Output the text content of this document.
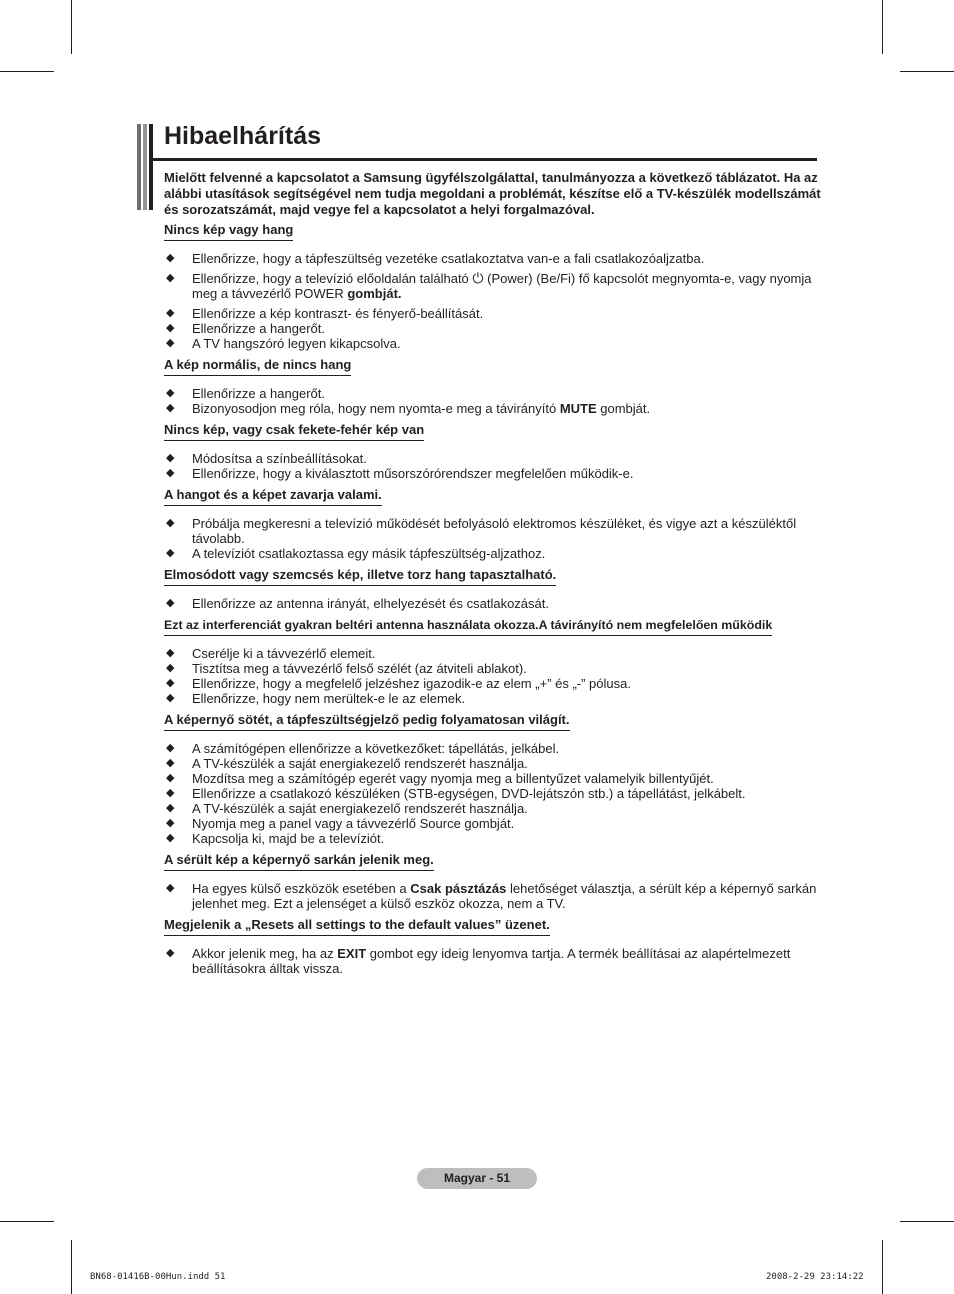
Hibaelhárítás

Mielőtt felvenné a kapcsolatot a Samsung ügyfélszolgálattal, tanulmányozza a következő táblázatot. Ha az alábbi utasítások segítségével nem tudja megoldani a problémát, készítse elő a TV-készülék modellszámát és sorozatszámát, majd vegye fel a kapcsolatot a helyi forgalmazóval.

Nincs kép vagy hang
◆ Ellenőrizze, hogy a tápfeszültség vezetéke csatlakoztatva van-e a fali csatlakozóaljzatba.
◆ Ellenőrizze, hogy a televízió előoldalán található ⏻ (Power) (Be/Fi) fő kapcsolót megnyomta-e, vagy nyomja meg a távvezérlő POWER gombját.
◆ Ellenőrizze a kép kontraszt- és fényerő-beállítását.
◆ Ellenőrizze a hangerőt.
◆ A TV hangszóró legyen kikapcsolva.
A kép normális, de nincs hang
◆ Ellenőrizze a hangerőt.
◆ Bizonyosodjon meg róla, hogy nem nyomta-e meg a távirányító MUTE gombját.
Nincs kép, vagy csak fekete-fehér kép van
◆ Módosítsa a színbeállításokat.
◆ Ellenőrizze, hogy a kiválasztott műsorszórórendszer megfelelően működik-e.
A hangot és a képet zavarja valami.
◆ Próbálja megkeresni a televízió működését befolyásoló elektromos készüléket, és vigye azt a készüléktől távolabb.
◆ A televíziót csatlakoztassa egy másik tápfeszültség-aljzathoz.
Elmosódott vagy szemcsés kép, illetve torz hang tapasztalható.
◆ Ellenőrizze az antenna irányát, elhelyezését és csatlakozását.
Ezt az interferenciát gyakran beltéri antenna használata okozza.A távirányító nem megfelelően működik
◆ Cserélje ki a távvezérlő elemeit.
◆ Tisztítsa meg a távvezérlő felső szélét (az átviteli ablakot).
◆ Ellenőrizze, hogy a megfelelő jelzéshez igazodik-e az elem „+” és „-” pólusa.
◆ Ellenőrizze, hogy nem merültek-e le az elemek.
A képernyő sötét, a tápfeszültségjelző pedig folyamatosan világít.
◆ A számítógépen ellenőrizze a következőket: tápellátás, jelkábel.
◆ A TV-készülék a saját energiakezelő rendszerét használja.
◆ Mozdítsa meg a számítógép egerét vagy nyomja meg a billentyűzet valamelyik billentyűjét.
◆ Ellenőrizze a csatlakozó készüléken (STB-egységen, DVD-lejátszón stb.) a tápellátást, jelkábelt.
◆ A TV-készülék a saját energiakezelő rendszerét használja.
◆ Nyomja meg a panel vagy a távvezérlő Source gombját.
◆ Kapcsolja ki, majd be a televíziót.
A sérült kép a képernyő sarkán jelenik meg.
◆ Ha egyes külső eszközök esetében a Csak pásztázás lehetőséget választja, a sérült kép a képernyő sarkán jelenhet meg. Ezt a jelenséget a külső eszköz okozza, nem a TV.
Megjelenik a „Resets all settings to the default values” üzenet.
◆ Akkor jelenik meg, ha az EXIT gombot egy ideig lenyomva tartja. A termék beállításai az alapértelmezett beállításokra álltak vissza.
Magyar - 51
BN68-01416B-00Hun.indd 51	2008-2-29 23:14:22
